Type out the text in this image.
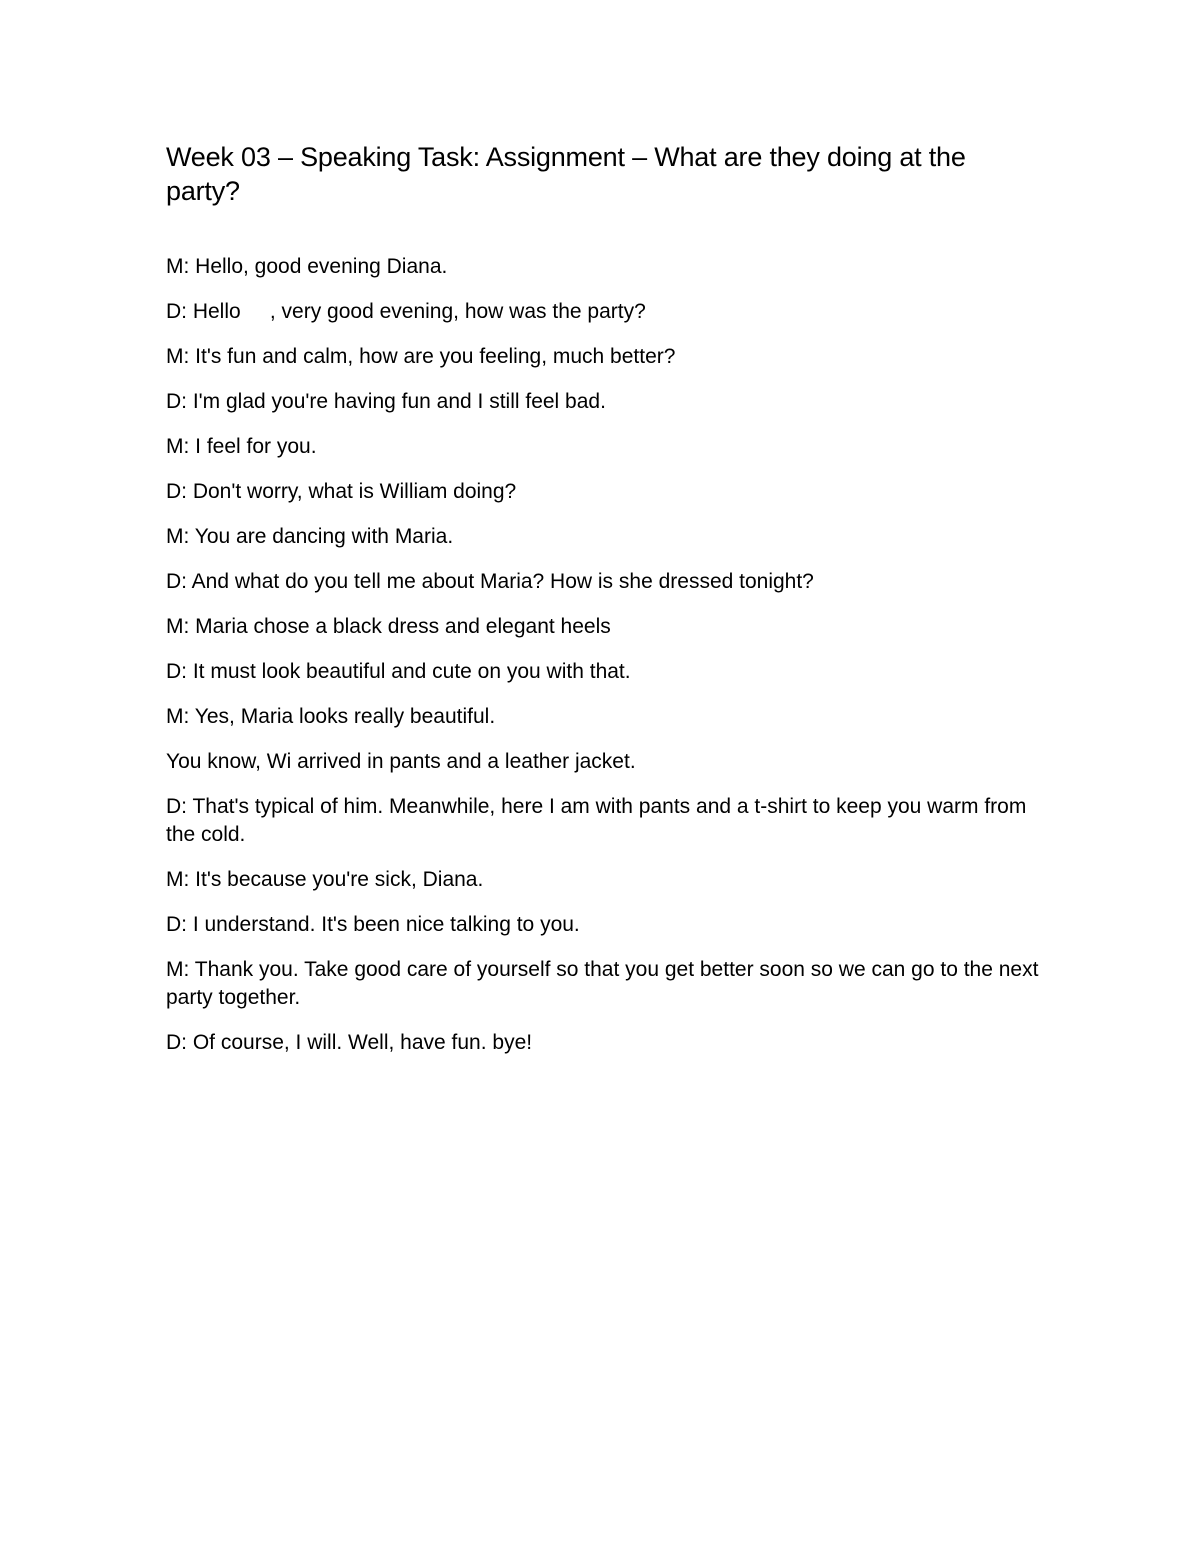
Week 03 – Speaking Task: Assignment – What are they doing at the party?
M: Hello, good evening Diana.
D: Hello     , very good evening, how was the party?
M: It's fun and calm, how are you feeling, much better?
D: I'm glad you're having fun and I still feel bad.
M: I feel for you.
D: Don't worry, what is William doing?
M: You are dancing with Maria.
D: And what do you tell me about Maria? How is she dressed tonight?
M: Maria chose a black dress and elegant heels
D: It must look beautiful and cute on you with that.
M: Yes, Maria looks really beautiful.
You know, Wi arrived in pants and a leather jacket.
D: That's typical of him. Meanwhile, here I am with pants and a t-shirt to keep you warm from the cold.
M: It's because you're sick, Diana.
D: I understand. It's been nice talking to you.
M: Thank you. Take good care of yourself so that you get better soon so we can go to the next party together.
D: Of course, I will. Well, have fun. bye!
